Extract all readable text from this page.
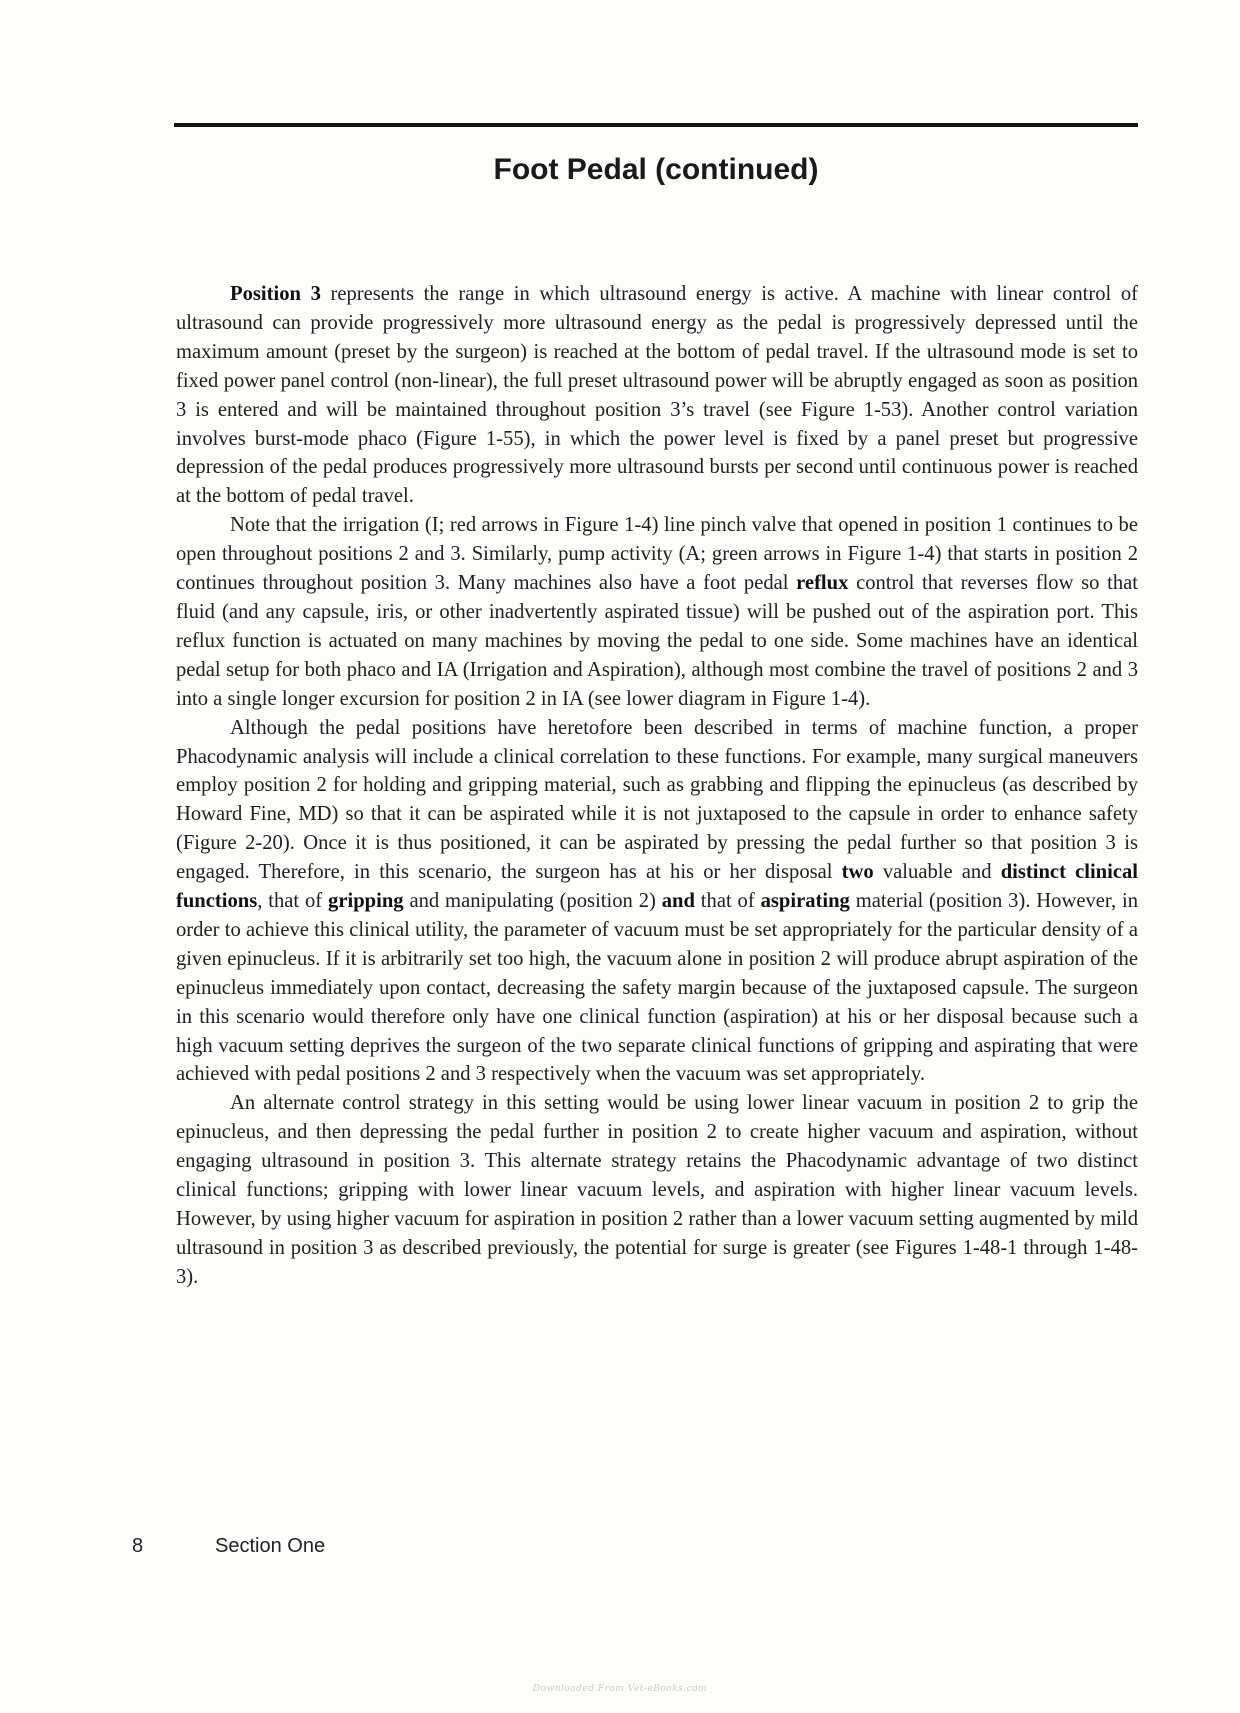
Foot Pedal (continued)

Position 3 represents the range in which ultrasound energy is active. A machine with linear control of ultrasound can provide progressively more ultrasound energy as the pedal is progressively depressed until the maximum amount (preset by the surgeon) is reached at the bottom of pedal travel. If the ultrasound mode is set to fixed power panel control (non-linear), the full preset ultrasound power will be abruptly engaged as soon as position 3 is entered and will be maintained throughout position 3’s travel (see Figure 1-53). Another control variation involves burst-mode phaco (Figure 1-55), in which the power level is fixed by a panel preset but progressive depression of the pedal produces progressively more ultrasound bursts per second until continuous power is reached at the bottom of pedal travel.

Note that the irrigation (I; red arrows in Figure 1-4) line pinch valve that opened in position 1 continues to be open throughout positions 2 and 3. Similarly, pump activity (A; green arrows in Figure 1-4) that starts in position 2 continues throughout position 3. Many machines also have a foot pedal reflux control that reverses flow so that fluid (and any capsule, iris, or other inadvertently aspirated tissue) will be pushed out of the aspiration port. This reflux function is actuated on many machines by moving the pedal to one side. Some machines have an identical pedal setup for both phaco and IA (Irrigation and Aspiration), although most combine the travel of positions 2 and 3 into a single longer excursion for position 2 in IA (see lower diagram in Figure 1-4).

Although the pedal positions have heretofore been described in terms of machine function, a proper Phacodynamic analysis will include a clinical correlation to these functions. For example, many surgical maneuvers employ position 2 for holding and gripping material, such as grabbing and flipping the epinucleus (as described by Howard Fine, MD) so that it can be aspirated while it is not juxtaposed to the capsule in order to enhance safety (Figure 2-20). Once it is thus positioned, it can be aspirated by pressing the pedal further so that position 3 is engaged. Therefore, in this scenario, the surgeon has at his or her disposal two valuable and distinct clinical functions, that of gripping and manipulating (position 2) and that of aspirating material (position 3). However, in order to achieve this clinical utility, the parameter of vacuum must be set appropriately for the particular density of a given epinucleus. If it is arbitrarily set too high, the vacuum alone in position 2 will produce abrupt aspiration of the epinucleus immediately upon contact, decreasing the safety margin because of the juxtaposed capsule. The surgeon in this scenario would therefore only have one clinical function (aspiration) at his or her disposal because such a high vacuum setting deprives the surgeon of the two separate clinical functions of gripping and aspirating that were achieved with pedal positions 2 and 3 respectively when the vacuum was set appropriately.

An alternate control strategy in this setting would be using lower linear vacuum in position 2 to grip the epinucleus, and then depressing the pedal further in position 2 to create higher vacuum and aspiration, without engaging ultrasound in position 3. This alternate strategy retains the Phacodynamic advantage of two distinct clinical functions; gripping with lower linear vacuum levels, and aspiration with higher linear vacuum levels. However, by using higher vacuum for aspiration in position 2 rather than a lower vacuum setting augmented by mild ultrasound in position 3 as described previously, the potential for surge is greater (see Figures 1-48-1 through 1-48-3).

8	Section One
Downloaded From Vet-eBooks.com
